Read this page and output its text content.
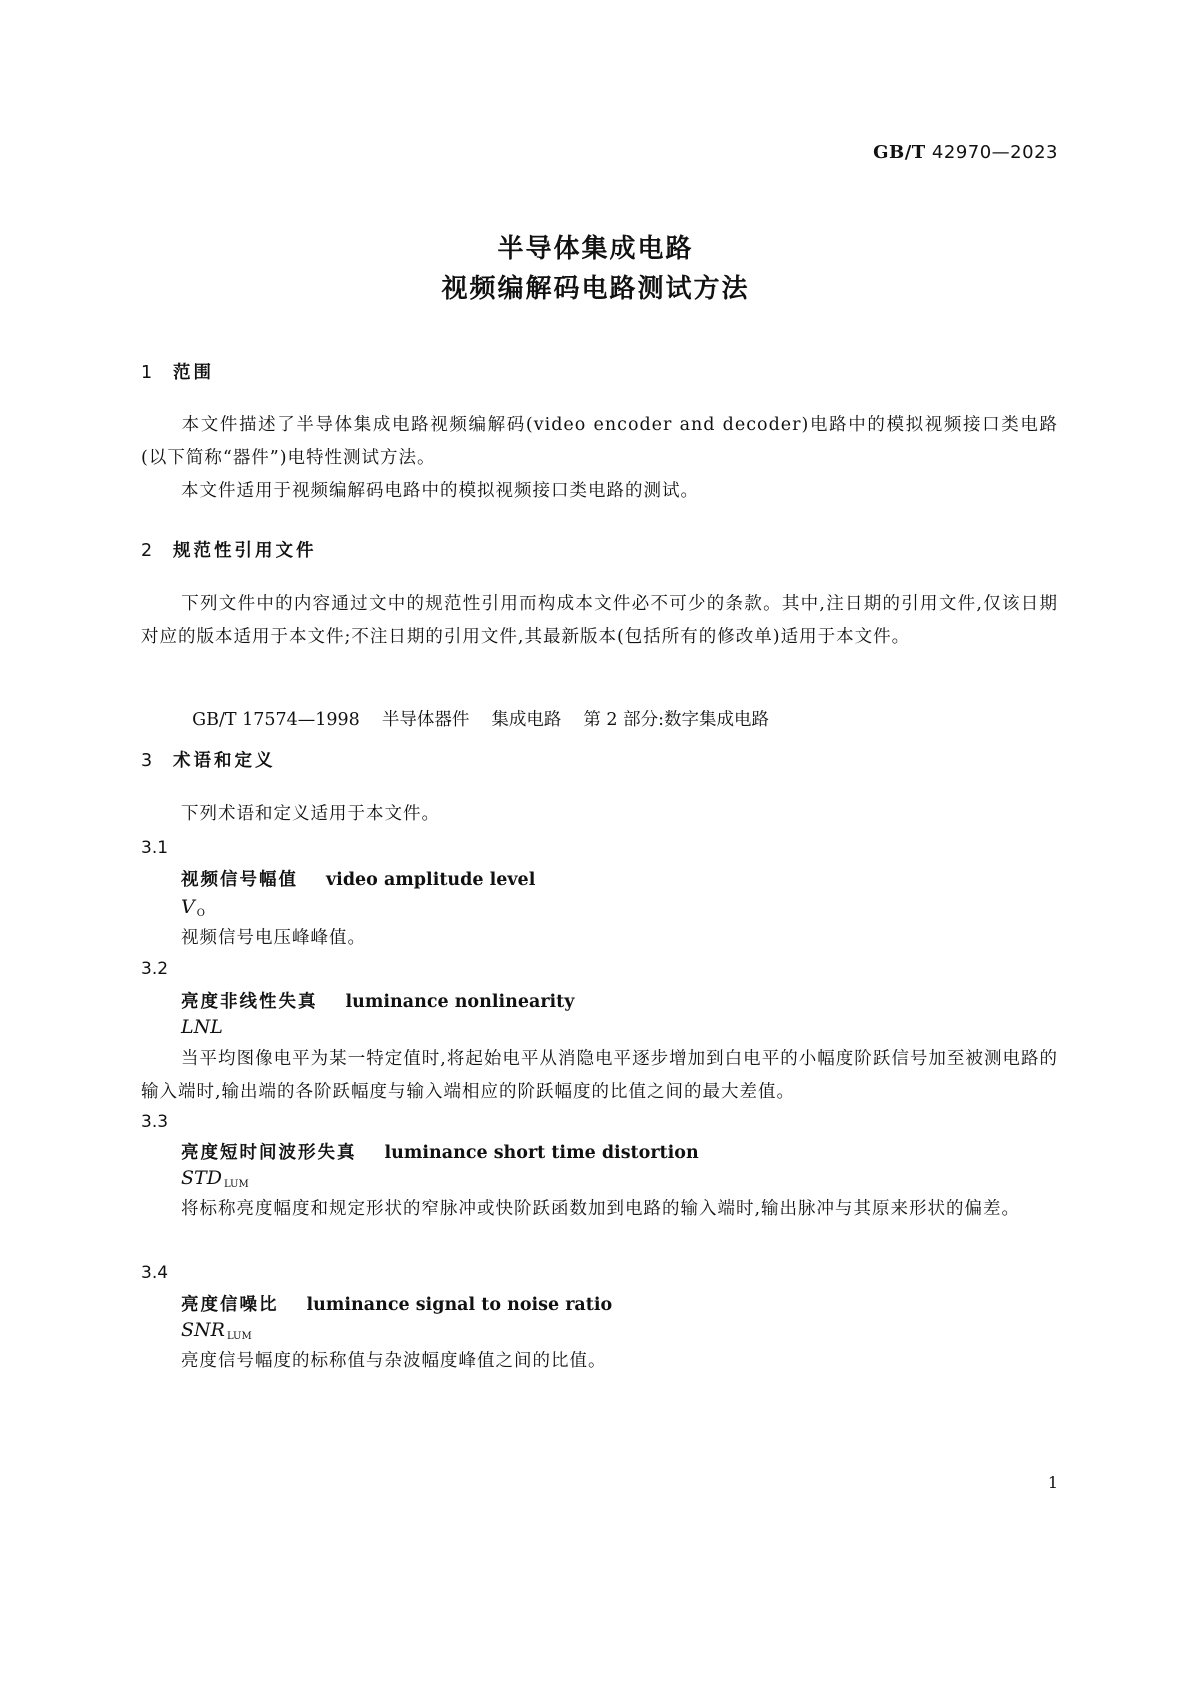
GB/T 42970—2023
半导体集成电路
视频编解码电路测试方法
1 范围
本文件描述了半导体集成电路视频编解码(video encoder and decoder)电路中的模拟视频接口类电路(以下简称“器件”)电特性测试方法。
本文件适用于视频编解码电路中的模拟视频接口类电路的测试。
2 规范性引用文件
下列文件中的内容通过文中的规范性引用而构成本文件必不可少的条款。其中,注日期的引用文件,仅该日期对应的版本适用于本文件;不注日期的引用文件,其最新版本(包括所有的修改单)适用于本文件。

GB/T 17574—1998 半导体器件 集成电路 第 2 部分:数字集成电路

3 术语和定义
下列术语和定义适用于本文件。
3.1
视频信号幅值 video amplitude level
V $_O$
视频信号电压峰峰值。
3.2
亮度非线性失真 luminance nonlinearity
LNL
当平均图像电平为某一特定值时,将起始电平从消隐电平逐步增加到白电平的小幅度阶跃信号加至被测电路的输入端时,输出端的各阶跃幅度与输入端相应的阶跃幅度的比值之间的最大差值。
3.3
亮度短时间波形失真 luminance short time distortion
STD $_{LUM}$
将标称亮度幅度和规定形状的窄脉冲或快阶跃函数加到电路的输入端时,输出脉冲与其原来形状的偏差。
3.4
亮度信噪比 luminance signal to noise ratio
SNR $_{LUM}$
亮度信号幅度的标称值与杂波幅度峰值之间的比值。
1
